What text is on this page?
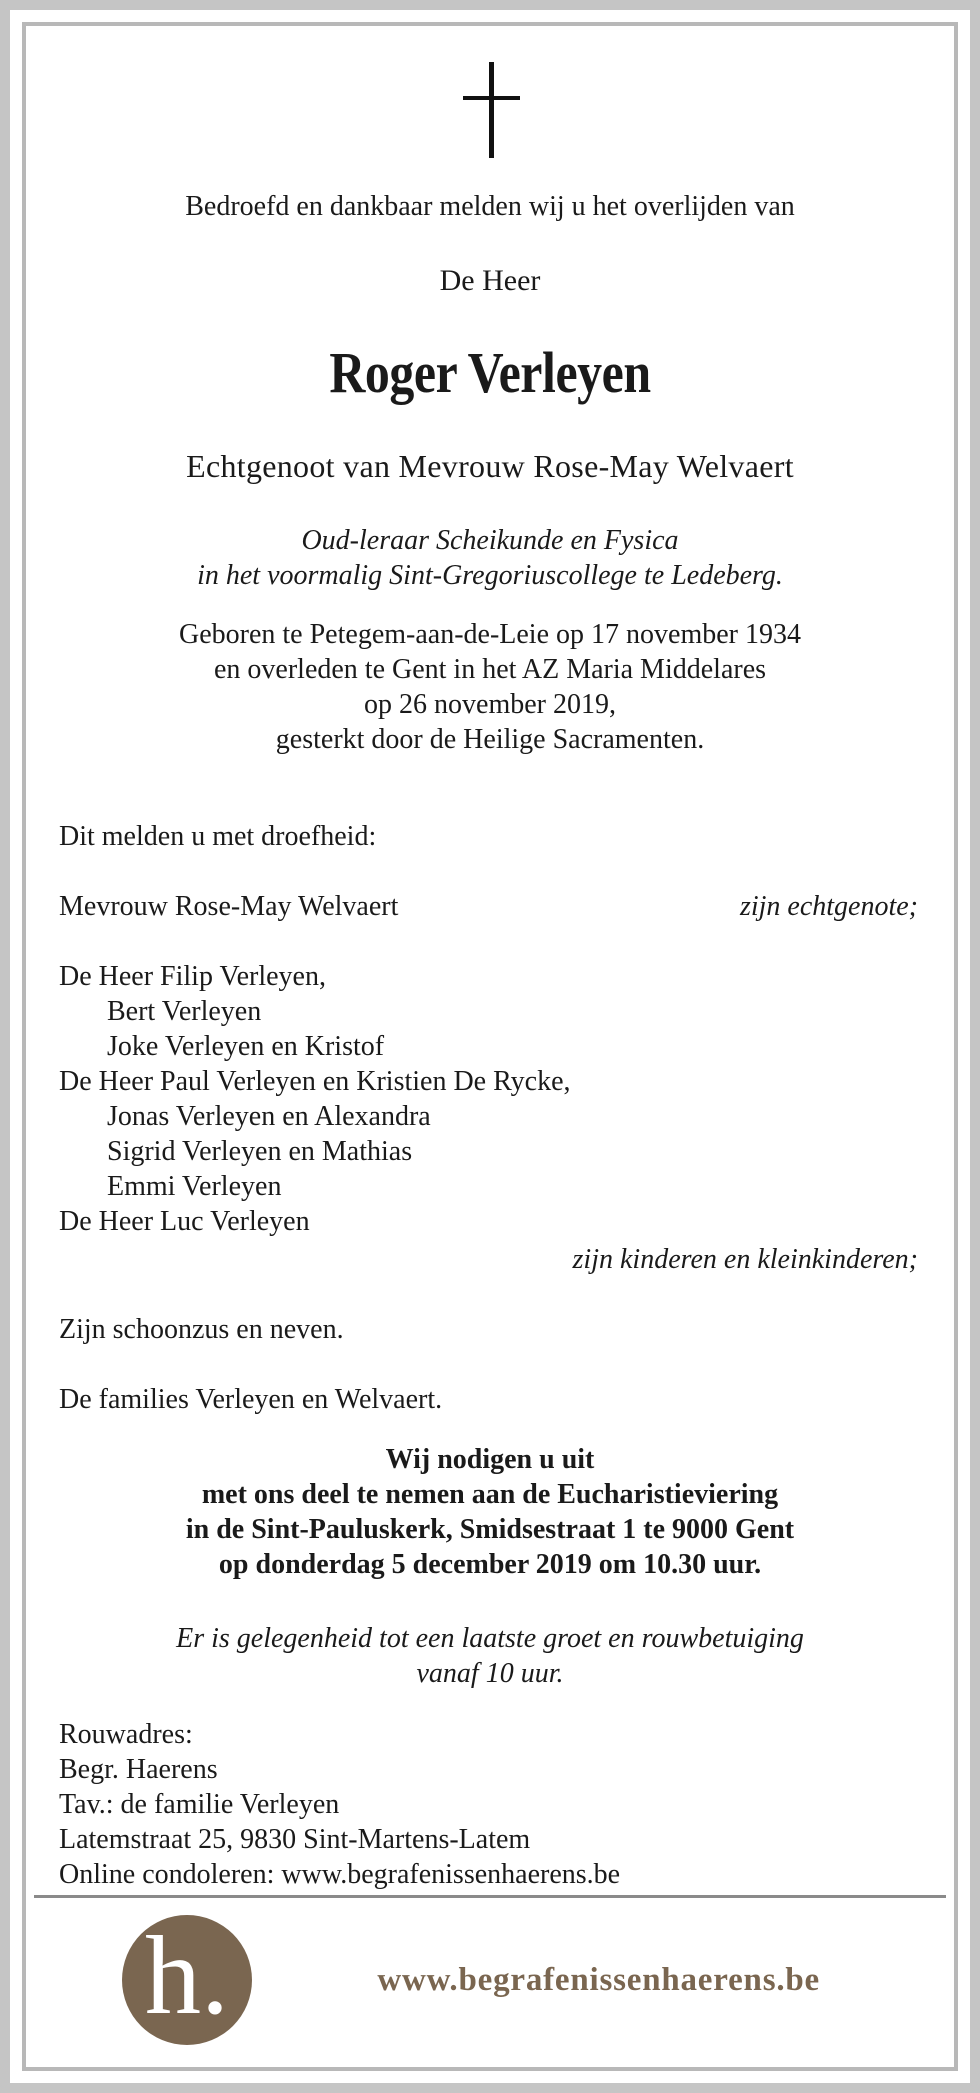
Bedroefd en dankbaar melden wij u het overlijden van
De Heer
Roger Verleyen
Echtgenoot van Mevrouw Rose-May Welvaert
Oud-leraar Scheikunde en Fysica
in het voormalig Sint-Gregoriuscollege te Ledeberg.
Geboren te Petegem-aan-de-Leie op 17 november 1934
en overleden te Gent in het AZ Maria Middelares
op 26 november 2019,
gesterkt door de Heilige Sacramenten.
Dit melden u met droefheid:
Mevrouw Rose-May Welvaert	zijn echtgenote;
De Heer Filip Verleyen,
Bert Verleyen
Joke Verleyen en Kristof
De Heer Paul Verleyen en Kristien De Rycke,
Jonas Verleyen en Alexandra
Sigrid Verleyen en Mathias
Emmi Verleyen
De Heer Luc Verleyen
zijn kinderen en kleinkinderen;
Zijn schoonzus en neven.
De families Verleyen en Welvaert.
Wij nodigen u uit
met ons deel te nemen aan de Eucharistieviering
in de Sint-Pauluskerk, Smidsestraat 1 te 9000 Gent
op donderdag 5 december 2019 om 10.30 uur.
Er is gelegenheid tot een laatste groet en rouwbetuiging
vanaf 10 uur.
Rouwadres:
Begr. Haerens
Tav.: de familie Verleyen
Latemstraat 25, 9830 Sint-Martens-Latem
Online condoleren: www.begrafenissenhaerens.be
h.	www.begrafenissenhaerens.be
